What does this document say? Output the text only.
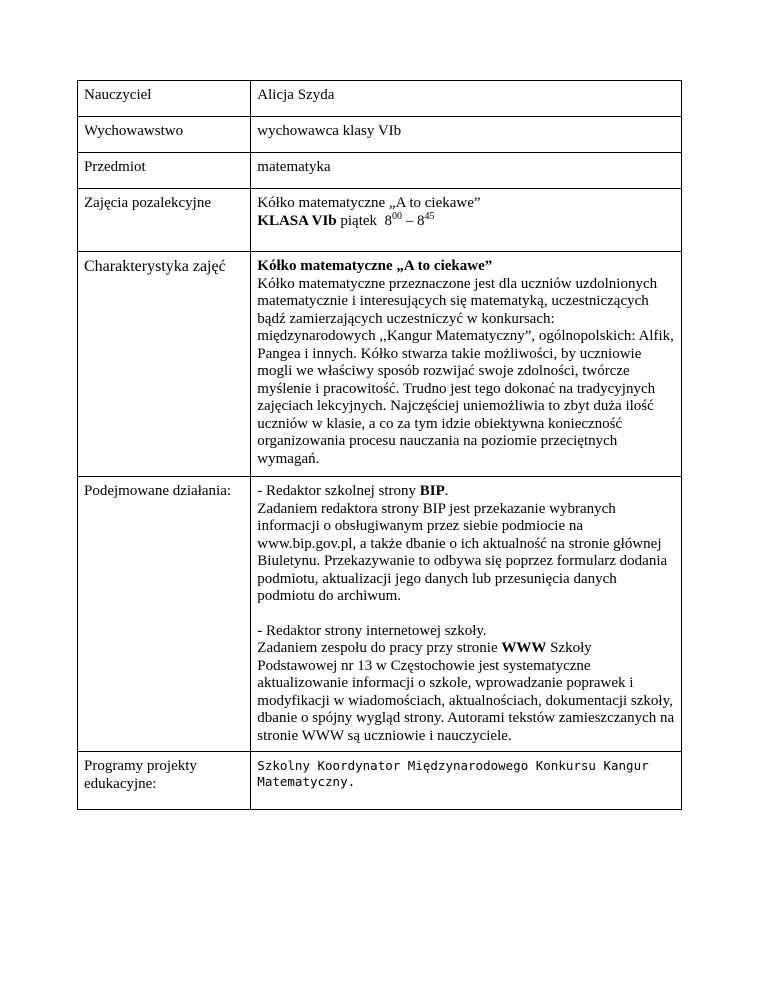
Nauczyciel	Alicja Szyda
Wychowawstwo	wychowawca klasy VIb
Przedmiot	matematyka
Zajęcia pozalekcyjne	Kółko matematyczne „A to ciekawe”
KLASA VIb piątek $8^{00} - 8^{45}$

Charakterystyka zajęć	Kółko matematyczne „A to ciekawe”
Kółko matematyczne przeznaczone jest dla uczniów uzdolnionych matematycznie i interesujących się matematyką, uczestniczących bądź zamierzających uczestniczyć w konkursach: międzynarodowych ,,Kangur Matematyczny”, ogólnopolskich: Alfik, Pangea i innych. Kółko stwarza takie możliwości, by uczniowie mogli we właściwy sposób rozwijać swoje zdolności, twórcze myślenie i pracowitość. Trudno jest tego dokonać na tradycyjnych zajęciach lekcyjnych. Najczęściej uniemożliwia to zbyt duża ilość uczniów w klasie, a co za tym idzie obiektywna konieczność organizowania procesu nauczania na poziomie przeciętnych wymagań.

Podejmowane działania:	- Redaktor szkolnej strony BIP.
Zadaniem redaktora strony BIP jest przekazanie wybranych informacji o obsługiwanym przez siebie podmiocie na www.bip.gov.pl, a także dbanie o ich aktualność na stronie głównej Biuletynu. Przekazywanie to odbywa się poprzez formularz dodania podmiotu, aktualizacji jego danych lub przesunięcia danych podmiotu do archiwum.
- Redaktor strony internetowej szkoły.
Zadaniem zespołu do pracy przy stronie WWW Szkoły Podstawowej nr 13 w Częstochowie jest systematyczne aktualizowanie informacji o szkole, wprowadzanie poprawek i modyfikacji w wiadomościach, aktualnościach, dokumentacji szkoły, dbanie o spójny wygląd strony. Autorami tekstów zamieszczanych na stronie WWW są uczniowie i nauczyciele.

Programy projekty edukacyjne:	Szkolny Koordynator Międzynarodowego Konkursu Kangur Matematyczny.
